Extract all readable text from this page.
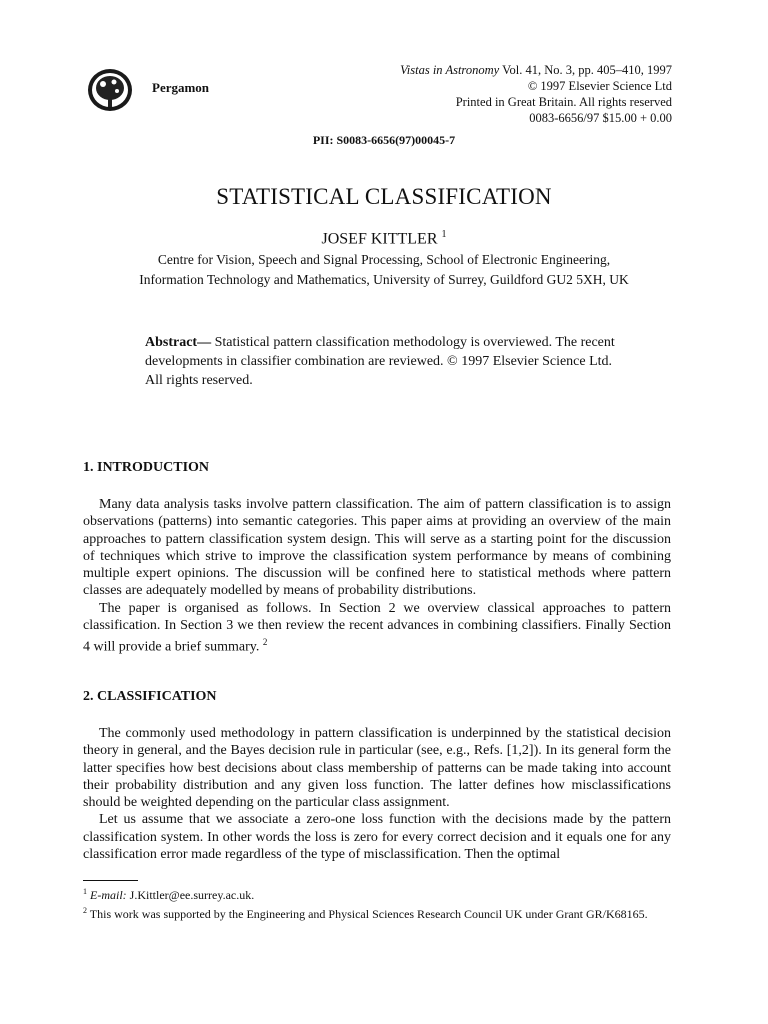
Pergamon
Vistas in Astronomy Vol. 41, No. 3, pp. 405–410, 1997
© 1997 Elsevier Science Ltd
Printed in Great Britain. All rights reserved
0083-6656/97 $15.00 + 0.00
PII: S0083-6656(97)00045-7
STATISTICAL CLASSIFICATION
JOSEF KITTLER $^1$
Centre for Vision, Speech and Signal Processing, School of Electronic Engineering,
Information Technology and Mathematics, University of Surrey, Guildford GU2 5XH, UK
Abstract— Statistical pattern classification methodology is overviewed. The recent developments in classifier combination are reviewed. © 1997 Elsevier Science Ltd. All rights reserved.
1. INTRODUCTION

Many data analysis tasks involve pattern classification. The aim of pattern classification is to assign observations (patterns) into semantic categories. This paper aims at providing an overview of the main approaches to pattern classification system design. This will serve as a starting point for the discussion of techniques which strive to improve the classification system performance by means of combining multiple expert opinions. The discussion will be confined here to statistical methods where pattern classes are adequately modelled by means of probability distributions.

The paper is organised as follows. In Section 2 we overview classical approaches to pattern classification. In Section 3 we then review the recent advances in combining classifiers. Finally Section 4 will provide a brief summary. $^2$

2. CLASSIFICATION

The commonly used methodology in pattern classification is underpinned by the statistical decision theory in general, and the Bayes decision rule in particular (see, e.g., Refs. [1,2]). In its general form the latter specifies how best decisions about class membership of patterns can be made taking into account their probability distribution and any given loss function. The latter defines how misclassifications should be weighted depending on the particular class assignment.

Let us assume that we associate a zero-one loss function with the decisions made by the pattern classification system. In other words the loss is zero for every correct decision and it equals one for any classification error made regardless of the type of misclassification. Then the optimal

$^1$ E-mail: J.Kittler@ee.surrey.ac.uk.

$^2$ This work was supported by the Engineering and Physical Sciences Research Council UK under Grant GR/K68165.
